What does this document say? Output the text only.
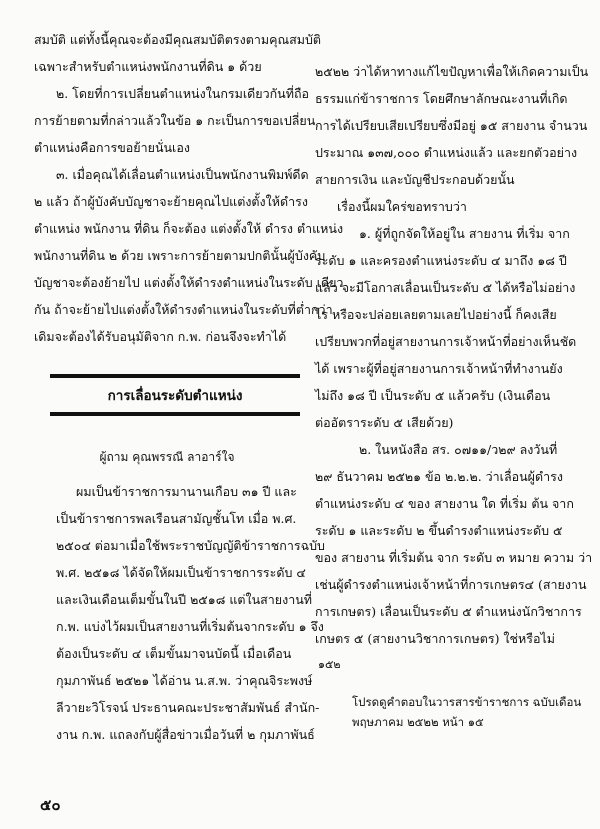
สมบัติ แต่ทั้งนี้คุณจะต้องมีคุณสมบัติตรงตามคุณสมบัติ
เฉพาะสำหรับตำแหน่งพนักงานที่ดิน ๑ ด้วย
๒. โดยที่การเปลี่ยนตำแหน่งในกรมเดียวกันที่ถือ
การย้ายตามที่กล่าวแล้วในข้อ ๑ กะเป็นการขอเปลี่ยน
ตำแหน่งคือการขอย้ายนั่นเอง
๓. เมื่อคุณได้เลื่อนตำแหน่งเป็นพนักงานพิมพ์ดีด
๒ แล้ว ถ้าผู้บังคับบัญชาจะย้ายคุณไปแต่งตั้งให้ดำรง
ตำแหน่ง พนักงาน ที่ดิน ก็จะต้อง แต่งตั้งให้ ดำรง ตำแหน่ง
พนักงานที่ดิน ๒ ด้วย เพราะการย้ายตามปกตินั้นผู้บังคับ
บัญชาจะต้องย้ายไป แต่งตั้งให้ดำรงตำแหน่งในระดับ เดียว
กัน ถ้าจะย้ายไปแต่งตั้งให้ดำรงตำแหน่งในระดับที่ต่ำกว่า
เดิมจะต้องได้รับอนุมัติจาก ก.พ. ก่อนจึงจะทำได้
การเลื่อนระดับตำแหน่ง
ผู้ถาม คุณพรรณี ลาอาร์ใจ
ผมเป็นข้าราชการมานานเกือบ ๓๑ ปี และ
เป็นข้าราชการพลเรือนสามัญชั้นโท เมื่อ พ.ศ.
๒๕๐๔ ต่อมาเมื่อใช้พระราชบัญญัติข้าราชการฉบับ
พ.ศ. ๒๕๑๘ ได้จัดให้ผมเป็นข้าราชการระดับ ๔
และเงินเดือนเต็มขั้นในปี ๒๕๑๘ แต่ในสายงานที่
ก.พ. แบ่งไว้ผมเป็นสายงานที่เริ่มต้นจากระดับ ๑ จึง
ต้องเป็นระดับ ๔ เต็มขั้นมาจนบัดนี้ เมื่อเดือน
กุมภาพันธ์ ๒๕๒๑ ได้อ่าน น.ส.พ. ว่าคุณจิระพงษ์
ลีวายะวิโรจน์ ประธานคณะประชาสัมพันธ์ สำนัก-
งาน ก.พ. แถลงกับผู้สื่อข่าวเมื่อวันที่ ๒ กุมภาพันธ์
๕๐
๒๕๒๒ ว่าได้หาทางแก้ไขปัญหาเพื่อให้เกิดความเป็น
ธรรมแก่ข้าราชการ โดยศึกษาลักษณะงานที่เกิด
การได้เปรียบเสียเปรียบซึ่งมีอยู่ ๑๕ สายงาน จำนวน
ประมาณ ๑๓๗,๐๐๐ ตำแหน่งแล้ว และยกตัวอย่าง
สายการเงิน และบัญชีประกอบด้วยนั้น
เรื่องนี้ผมใคร่ขอทราบว่า
๑. ผู้ที่ถูกจัดให้อยู่ใน สายงาน ที่เริ่ม จาก
ระดับ ๑ และครองตำแหน่งระดับ ๔ มาถึง ๑๘ ปี
แล้ว จะมีโอกาสเลื่อนเป็นระดับ ๕ ได้หรือไม่อย่าง
ไร หรือจะปล่อยเลยตามเลยไปอย่างนี้ ก็คงเสีย
เปรียบพวกที่อยู่สายงานการเจ้าหน้าที่อย่างเห็นชัด
ได้ เพราะผู้ที่อยู่สายงานการเจ้าหน้าที่ทำงานยัง
ไม่ถึง ๑๘ ปี เป็นระดับ ๕ แล้วครับ (เงินเดือน
ต่ออัตราระดับ ๕ เสียด้วย)
๒. ในหนังสือ สร. ๐๗๑๑/ว๒๙ ลงวันที่
๒๙ ธันวาคม ๒๕๒๑ ข้อ ๒.๒.๒. ว่าเลื่อนผู้ดำรง
ตำแหน่งระดับ ๔ ของ สายงาน ใด ที่เริ่ม ต้น จาก
ระดับ ๑ และระดับ ๒ ขึ้นดำรงตำแหน่งระดับ ๕
ของ สายงาน ที่เริ่มต้น จาก ระดับ ๓ หมาย ความ ว่า
เช่นผู้ดำรงตำแหน่งเจ้าหน้าที่การเกษตร๔ (สายงาน
การเกษตร) เลื่อนเป็นระดับ ๕ ตำแหน่งนักวิชาการ
เกษตร ๕ (สายงานวิชาการเกษตร) ใช่หรือไม่
๑๕๒
โปรดดูคำตอบในวารสารข้าราชการ ฉบับเดือน
พฤษภาคม ๒๕๒๒ หน้า ๑๕
